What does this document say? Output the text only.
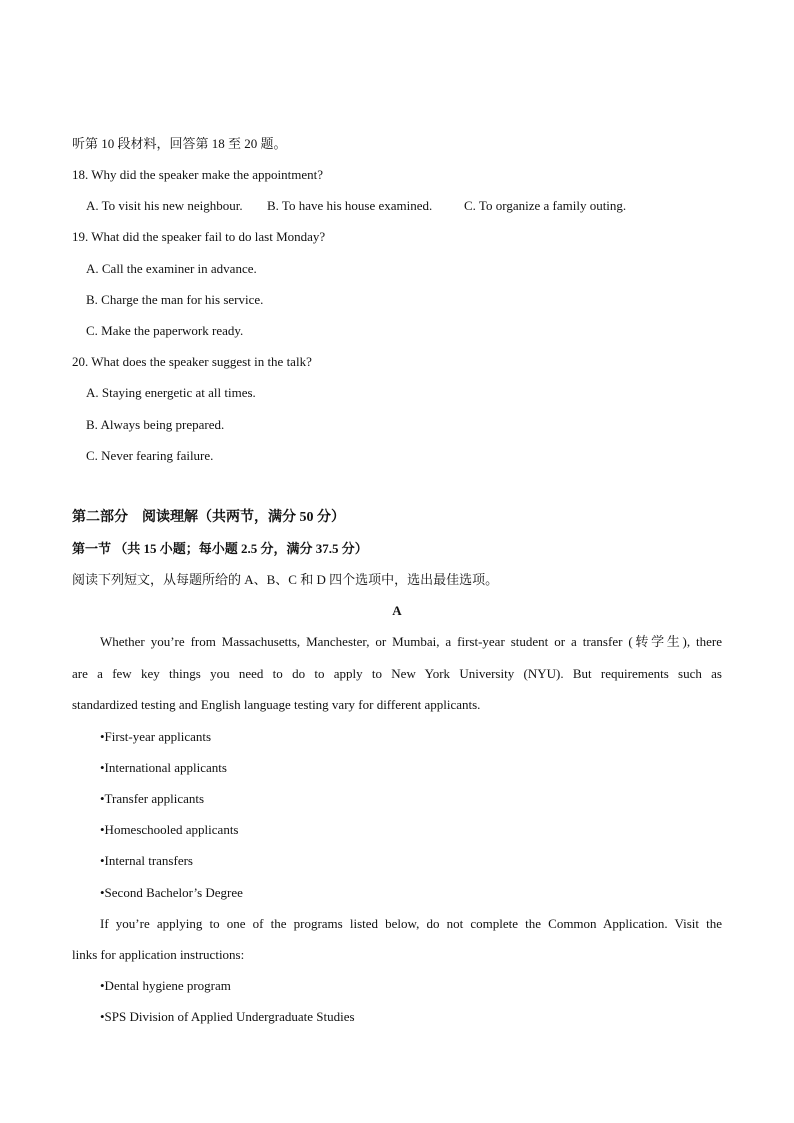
听第 10 段材料，回答第 18 至 20 题。
18. Why did the speaker make the appointment?
A. To visit his new neighbour. B. To have his house examined. C. To organize a family outing.
19. What did the speaker fail to do last Monday?
A. Call the examiner in advance.
B. Charge the man for his service.
C. Make the paperwork ready.
20. What does the speaker suggest in the talk?
A. Staying energetic at all times.
B. Always being prepared.
C. Never fearing failure.
第二部分　阅读理解（共两节，满分 50 分）
第一节 （共 15 小题；每小题 2.5 分，满分 37.5 分）
阅读下列短文，从每题所给的 A、B、C 和 D 四个选项中，选出最佳选项。
A
Whether you’re from Massachusetts, Manchester, or Mumbai, a first-year student or a transfer (转学生), there
are a few key things you need to do to apply to New York University (NYU). But requirements such as
standardized testing and English language testing vary for different applicants.
•First-year applicants
•International applicants
•Transfer applicants
•Homeschooled applicants
•Internal transfers
•Second Bachelor’s Degree
If you’re applying to one of the programs listed below, do not complete the Common Application. Visit the
links for application instructions:
•Dental hygiene program
•SPS Division of Applied Undergraduate Studies
